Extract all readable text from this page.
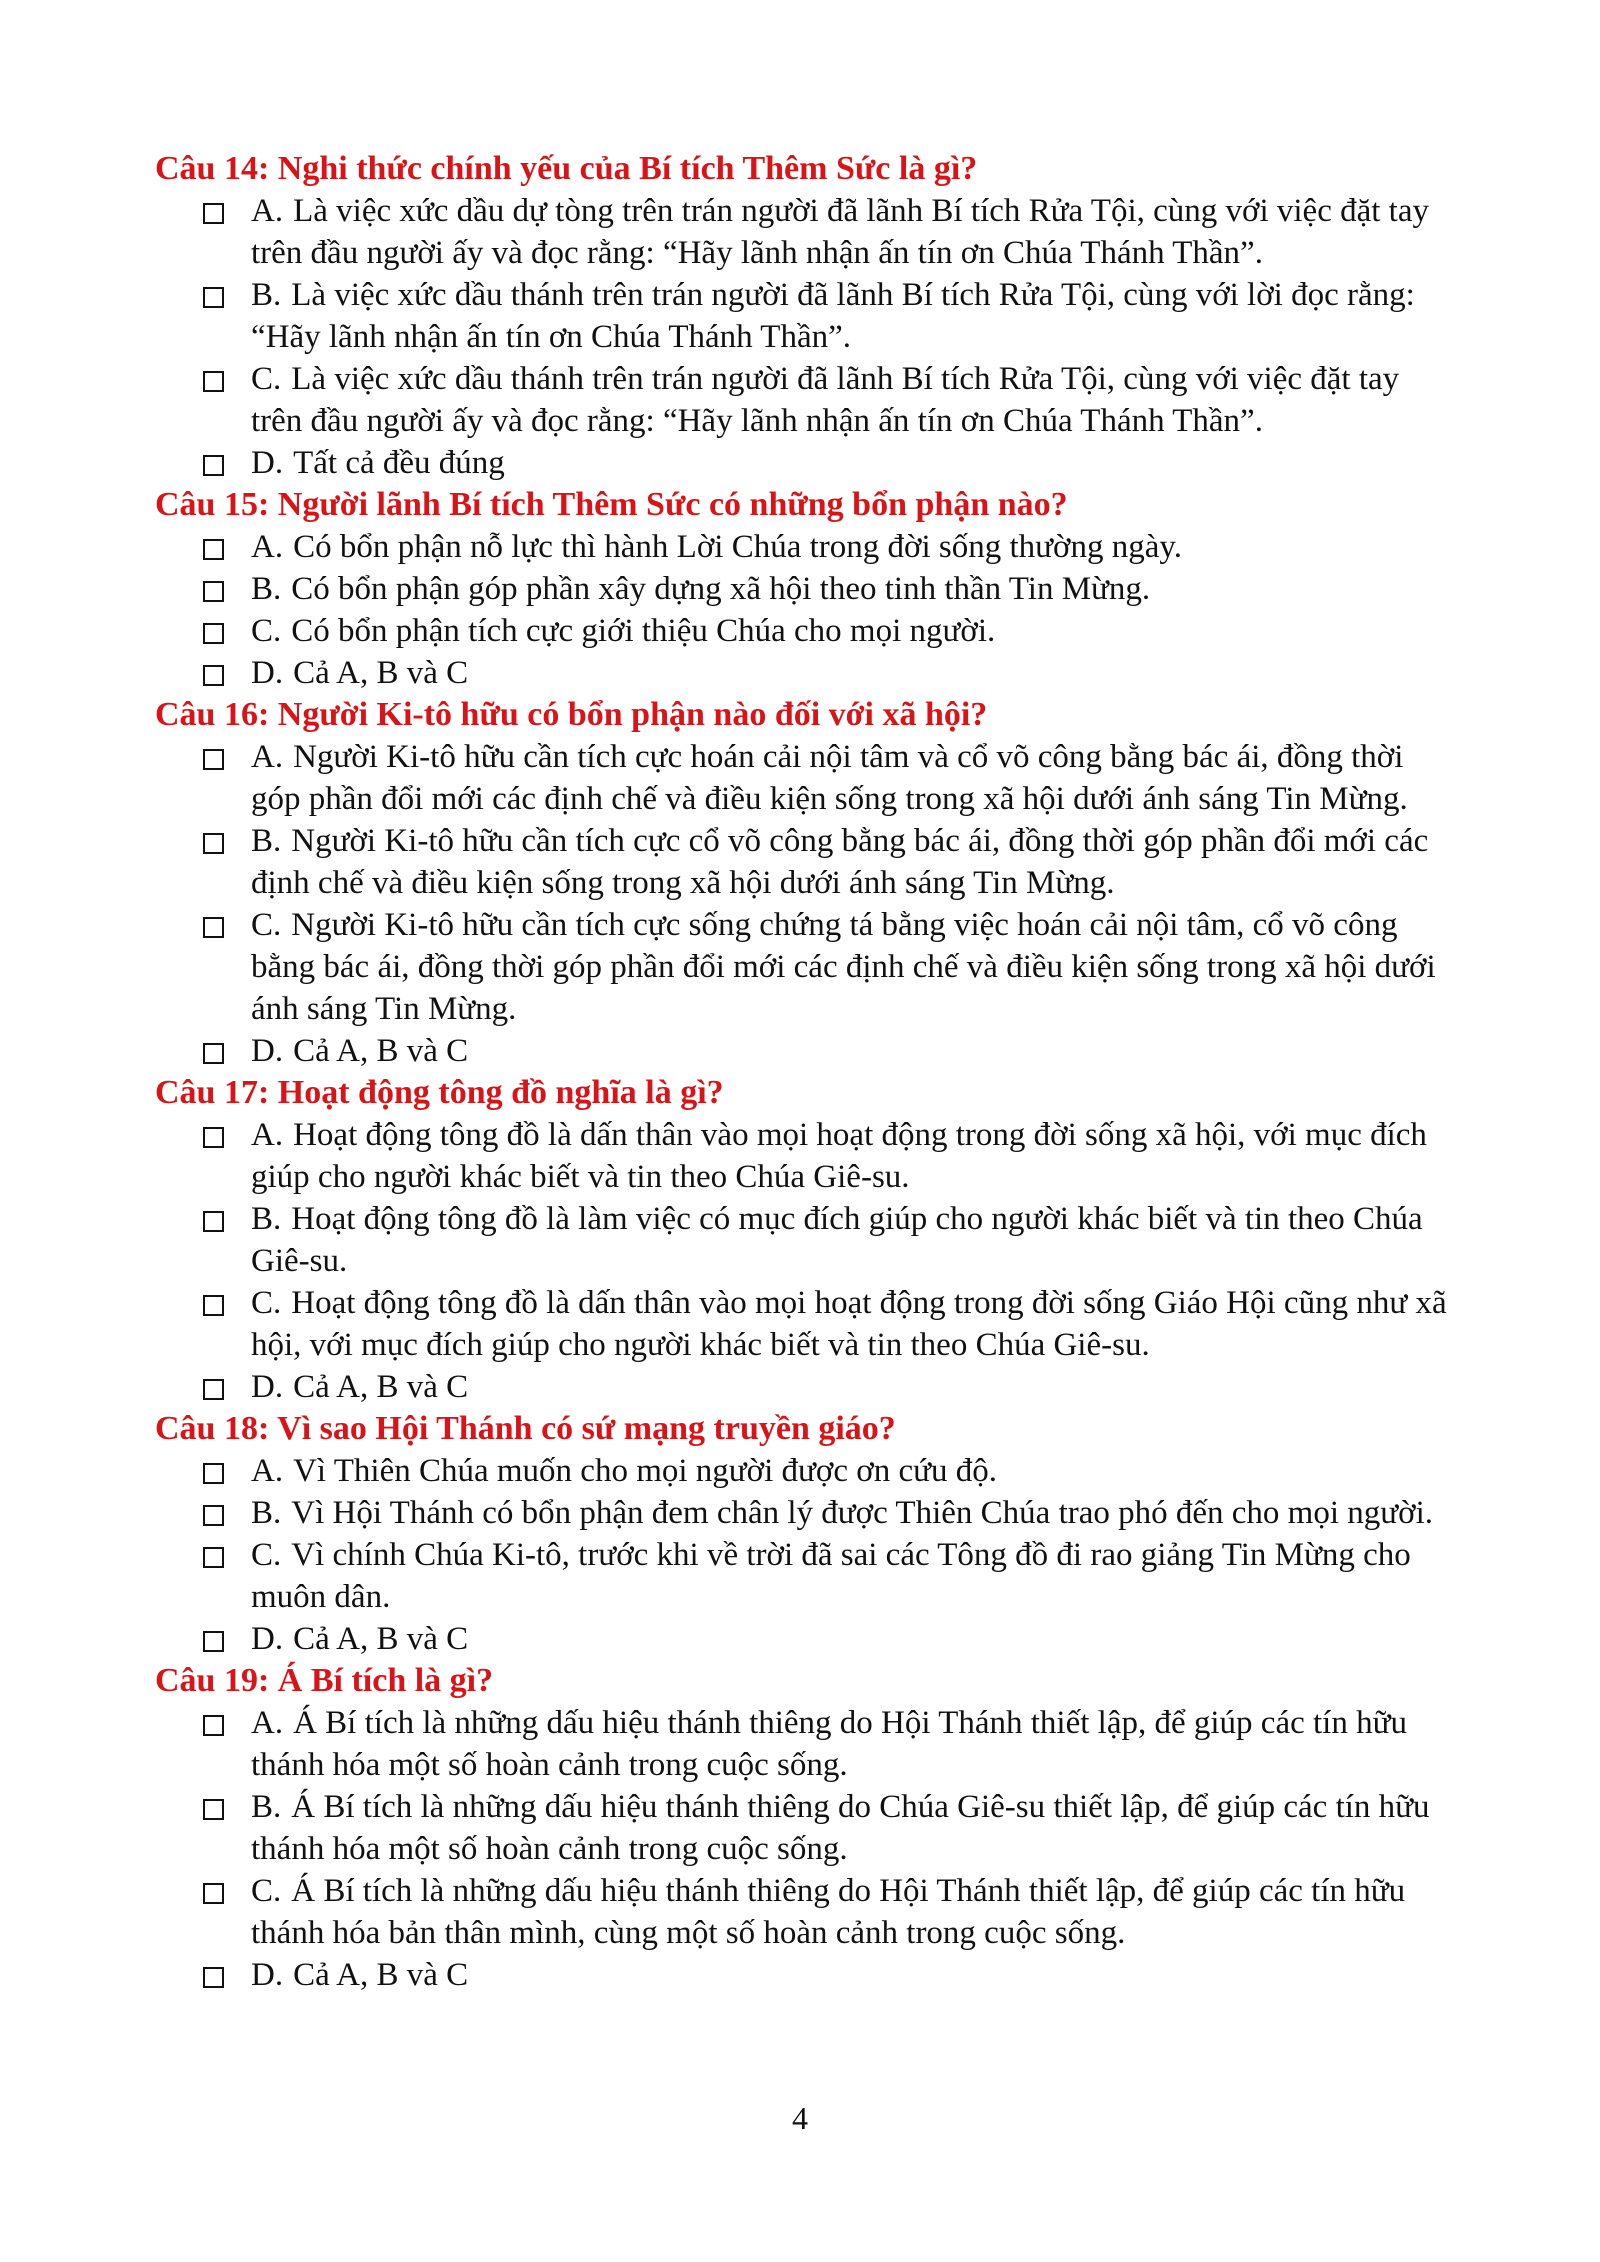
Câu 14: Nghi thức chính yếu của Bí tích Thêm Sức là gì?
A. Là việc xức dầu dự tòng trên trán người đã lãnh Bí tích Rửa Tội, cùng với việc đặt tay trên đầu người ấy và đọc rằng: “Hãy lãnh nhận ấn tín ơn Chúa Thánh Thần”.
B. Là việc xức dầu thánh trên trán người đã lãnh Bí tích Rửa Tội, cùng với lời đọc rằng: “Hãy lãnh nhận ấn tín ơn Chúa Thánh Thần”.
C. Là việc xức dầu thánh trên trán người đã lãnh Bí tích Rửa Tội, cùng với việc đặt tay trên đầu người ấy và đọc rằng: “Hãy lãnh nhận ấn tín ơn Chúa Thánh Thần”.
D. Tất cả đều đúng
Câu 15: Người lãnh Bí tích Thêm Sức có những bổn phận nào?
A. Có bổn phận nỗ lực thì hành Lời Chúa trong đời sống thường ngày.
B. Có bổn phận góp phần xây dựng xã hội theo tinh thần Tin Mừng.
C. Có bổn phận tích cực giới thiệu Chúa cho mọi người.
D. Cả A, B và C
Câu 16: Người Ki-tô hữu có bổn phận nào đối với xã hội?
A. Người Ki-tô hữu cần tích cực hoán cải nội tâm và cổ võ công bằng bác ái, đồng thời góp phần đổi mới các định chế và điều kiện sống trong xã hội dưới ánh sáng Tin Mừng.
B. Người Ki-tô hữu cần tích cực cổ võ công bằng bác ái, đồng thời góp phần đổi mới các định chế và điều kiện sống trong xã hội dưới ánh sáng Tin Mừng.
C. Người Ki-tô hữu cần tích cực sống chứng tá bằng việc hoán cải nội tâm, cổ võ công bằng bác ái, đồng thời góp phần đổi mới các định chế và điều kiện sống trong xã hội dưới ánh sáng Tin Mừng.
D. Cả A, B và C
Câu 17: Hoạt động tông đồ nghĩa là gì?
A. Hoạt động tông đồ là dấn thân vào mọi hoạt động trong đời sống xã hội, với mục đích giúp cho người khác biết và tin theo Chúa Giê-su.
B. Hoạt động tông đồ là làm việc có mục đích giúp cho người khác biết và tin theo Chúa Giê-su.
C. Hoạt động tông đồ là dấn thân vào mọi hoạt động trong đời sống Giáo Hội cũng như xã hội, với mục đích giúp cho người khác biết và tin theo Chúa Giê-su.
D. Cả A, B và C
Câu 18: Vì sao Hội Thánh có sứ mạng truyền giáo?
A. Vì Thiên Chúa muốn cho mọi người được ơn cứu độ.
B. Vì Hội Thánh có bổn phận đem chân lý được Thiên Chúa trao phó đến cho mọi người.
C. Vì chính Chúa Ki-tô, trước khi về trời đã sai các Tông đồ đi rao giảng Tin Mừng cho muôn dân.
D. Cả A, B và C
Câu 19: Á Bí tích là gì?
A. Á Bí tích là những dấu hiệu thánh thiêng do Hội Thánh thiết lập, để giúp các tín hữu thánh hóa một số hoàn cảnh trong cuộc sống.
B. Á Bí tích là những dấu hiệu thánh thiêng do Chúa Giê-su thiết lập, để giúp các tín hữu thánh hóa một số hoàn cảnh trong cuộc sống.
C. Á Bí tích là những dấu hiệu thánh thiêng do Hội Thánh thiết lập, để giúp các tín hữu thánh hóa bản thân mình, cùng một số hoàn cảnh trong cuộc sống.
D. Cả A, B và C
4
